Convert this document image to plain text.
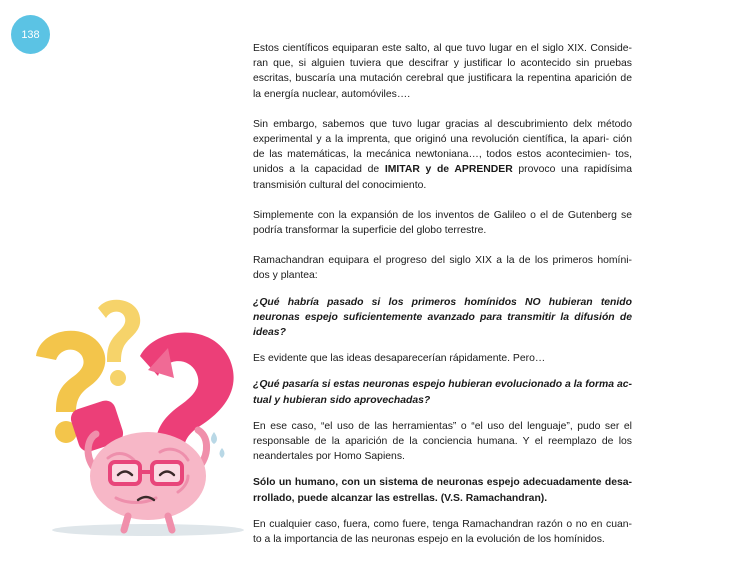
138

Estos científicos equiparan este salto, al que tuvo lugar en el siglo XIX. Conside- ran que, si alguien tuviera que descifrar y justificar lo acontecido sin pruebas escritas, buscaría una mutación cerebral que justificara la repentina aparición de la energía nuclear, automóviles….

Sin embargo, sabemos que tuvo lugar gracias al descubrimiento delx método experimental y a la imprenta, que originó una revolución científica, la apari- ción de las matemáticas, la mecánica newtoniana…, todos estos acontecimien- tos, unidos a la capacidad de IMITAR y de APRENDER provoco una rapidísima transmisión cultural del conocimiento.

Simplemente con la expansión de los inventos de Galileo o el de Gutenberg se podría transformar la superficie del globo terrestre.

Ramachandran equipara el progreso del siglo XIX a la de los primeros homíni- dos y plantea:

¿Qué habría pasado si los primeros homínidos NO hubieran tenido neuronas espejo suficientemente avanzado para transmitir la difusión de ideas?

Es evidente que las ideas desaparecerían rápidamente. Pero…

¿Qué pasaría si estas neuronas espejo hubieran evolucionado a la forma ac- tual y hubieran sido aprovechadas?

En ese caso, “el uso de las herramientas” o “el uso del lenguaje”, pudo ser el responsable de la aparición de la conciencia humana. Y el reemplazo de los neandertales por Homo Sapiens.

Sólo un humano, con un sistema de neuronas espejo adecuadamente desa- rrollado, puede alcanzar las estrellas. (V.S. Ramachandran).

En cualquier caso, fuera, como fuere, tenga Ramachandran razón o no en cuan- to a la importancia de las neuronas espejo en la evolución de los homínidos.
